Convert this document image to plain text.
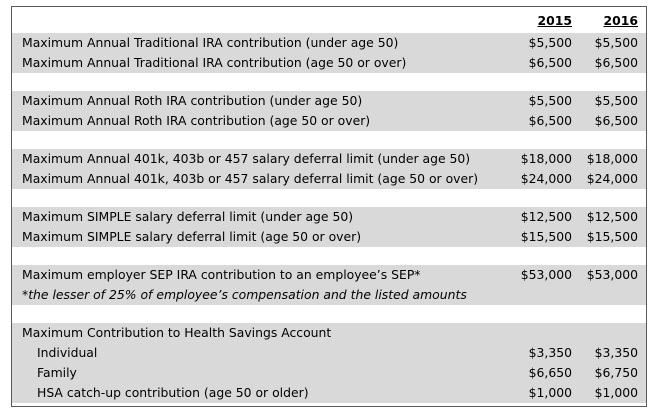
2015	2016
Maximum Annual Traditional IRA contribution (under age 50)	$5,500 $5,500
Maximum Annual Traditional IRA contribution (age 50 or over)	$6,500 $6,500
Maximum Annual Roth IRA contribution (under age 50)	$5,500 $5,500
Maximum Annual Roth IRA contribution (age 50 or over)	$6,500 $6,500
Maximum Annual 401k, 403b or 457 salary deferral limit (under age 50)	$18,000 $18,000
Maximum Annual 401k, 403b or 457 salary deferral limit (age 50 or over)	$24,000 $24,000
Maximum SIMPLE salary deferral limit (under age 50)	$12,500 $12,500
Maximum SIMPLE salary deferral limit (age 50 or over)	$15,500 $15,500
Maximum employer SEP IRA contribution to an employee’s SEP*	$53,000 $53,000
*the lesser of 25% of employee’s compensation and the listed amounts
Maximum Contribution to Health Savings Account
Individual	$3,350 $3,350
Family	$6,650 $6,750
HSA catch-up contribution (age 50 or older)	$1,000 $1,000
